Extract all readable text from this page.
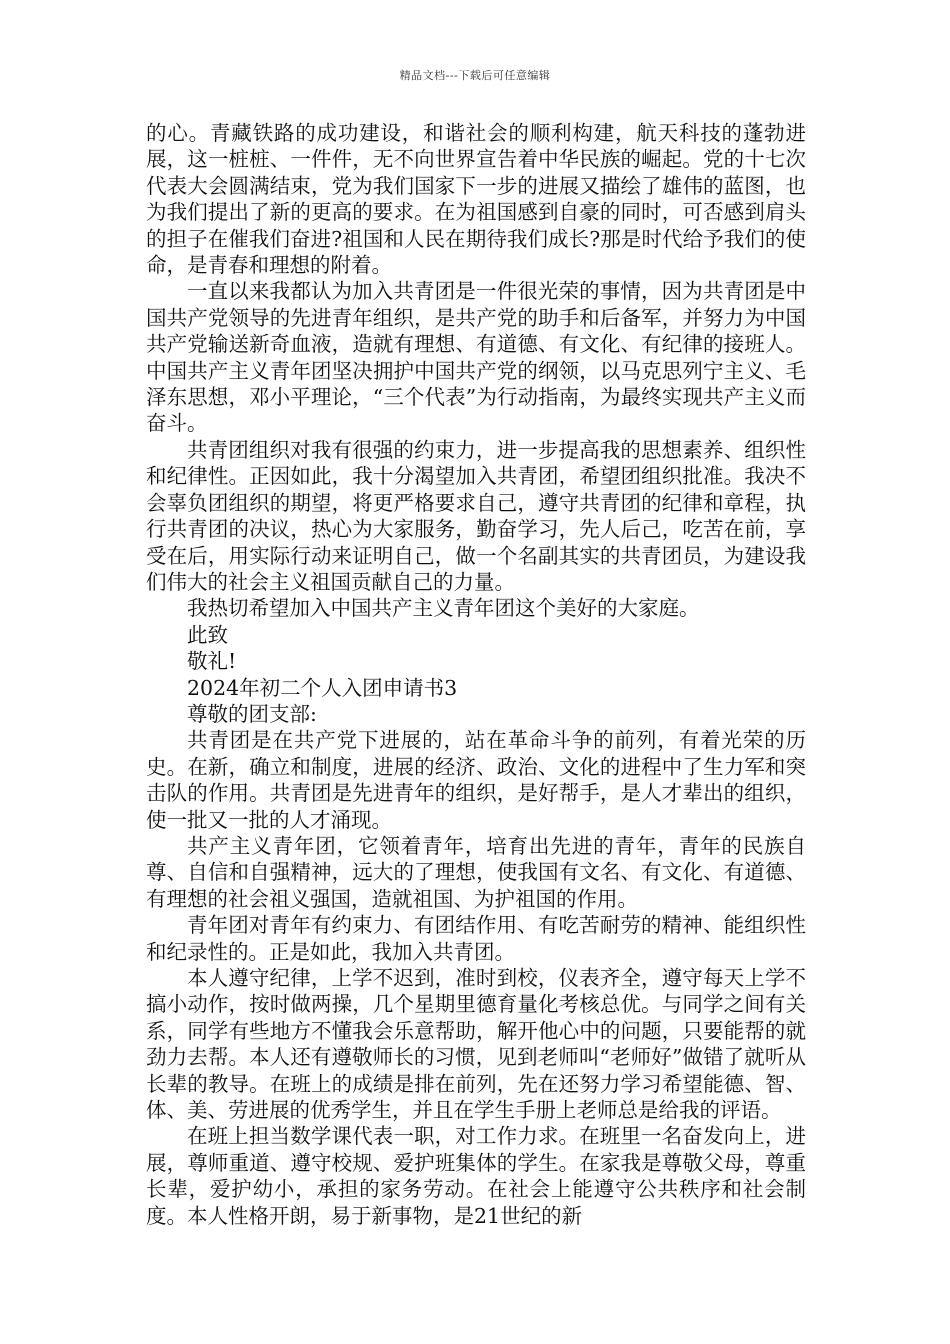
精品文档---下载后可任意编辑

的心。青藏铁路的成功建设，和谐社会的顺利构建，航天科技的蓬勃进展，这一桩桩、一件件，无不向世界宣告着中华民族的崛起。党的十七次代表大会圆满结束，党为我们国家下一步的进展又描绘了雄伟的蓝图，也为我们提出了新的更高的要求。在为祖国感到自豪的同时，可否感到肩头的担子在催我们奋进?祖国和人民在期待我们成长?那是时代给予我们的使命，是青春和理想的附着。

一直以来我都认为加入共青团是一件很光荣的事情，因为共青团是中国共产党领导的先进青年组织，是共产党的助手和后备军，并努力为中国共产党输送新奇血液，造就有理想、有道德、有文化、有纪律的接班人。中国共产主义青年团坚决拥护中国共产党的纲领，以马克思列宁主义、毛泽东思想，邓小平理论，“三个代表”为行动指南，为最终实现共产主义而奋斗。

共青团组织对我有很强的约束力，进一步提高我的思想素养、组织性和纪律性。正因如此，我十分渴望加入共青团，希望团组织批准。我决不会辜负团组织的期望，将更严格要求自己，遵守共青团的纪律和章程，执行共青团的决议，热心为大家服务，勤奋学习，先人后己，吃苦在前，享受在后，用实际行动来证明自己，做一个名副其实的共青团员，为建设我们伟大的社会主义祖国贡献自己的力量。

我热切希望加入中国共产主义青年团这个美好的大家庭。

此致

敬礼!

2024年初二个人入团申请书3

尊敬的团支部:

共青团是在共产党下进展的，站在革命斗争的前列，有着光荣的历史。在新，确立和制度，进展的经济、政治、文化的进程中了生力军和突击队的作用。共青团是先进青年的组织，是好帮手，是人才辈出的组织，使一批又一批的人才涌现。

共产主义青年团，它领着青年，培育出先进的青年，青年的民族自尊、自信和自强精神，远大的了理想，使我国有文名、有文化、有道德、有理想的社会祖义强国，造就祖国、为护祖国的作用。

青年团对青年有约束力、有团结作用、有吃苦耐劳的精神、能组织性和纪录性的。正是如此，我加入共青团。

本人遵守纪律，上学不迟到，准时到校，仪表齐全，遵守每天上学不搞小动作，按时做两操，几个星期里德育量化考核总优。与同学之间有关系，同学有些地方不懂我会乐意帮助，解开他心中的问题，只要能帮的就劲力去帮。本人还有遵敬师长的习惯，见到老师叫“老师好”做错了就听从长辈的教导。在班上的成绩是排在前列，先在还努力学习希望能德、智、体、美、劳进展的优秀学生，并且在学生手册上老师总是给我的评语。

在班上担当数学课代表一职，对工作力求。在班里一名奋发向上，进展，尊师重道、遵守校规、爱护班集体的学生。在家我是尊敬父母，尊重长辈，爱护幼小，承担的家务劳动。在社会上能遵守公共秩序和社会制度。本人性格开朗，易于新事物，是21世纪的新
